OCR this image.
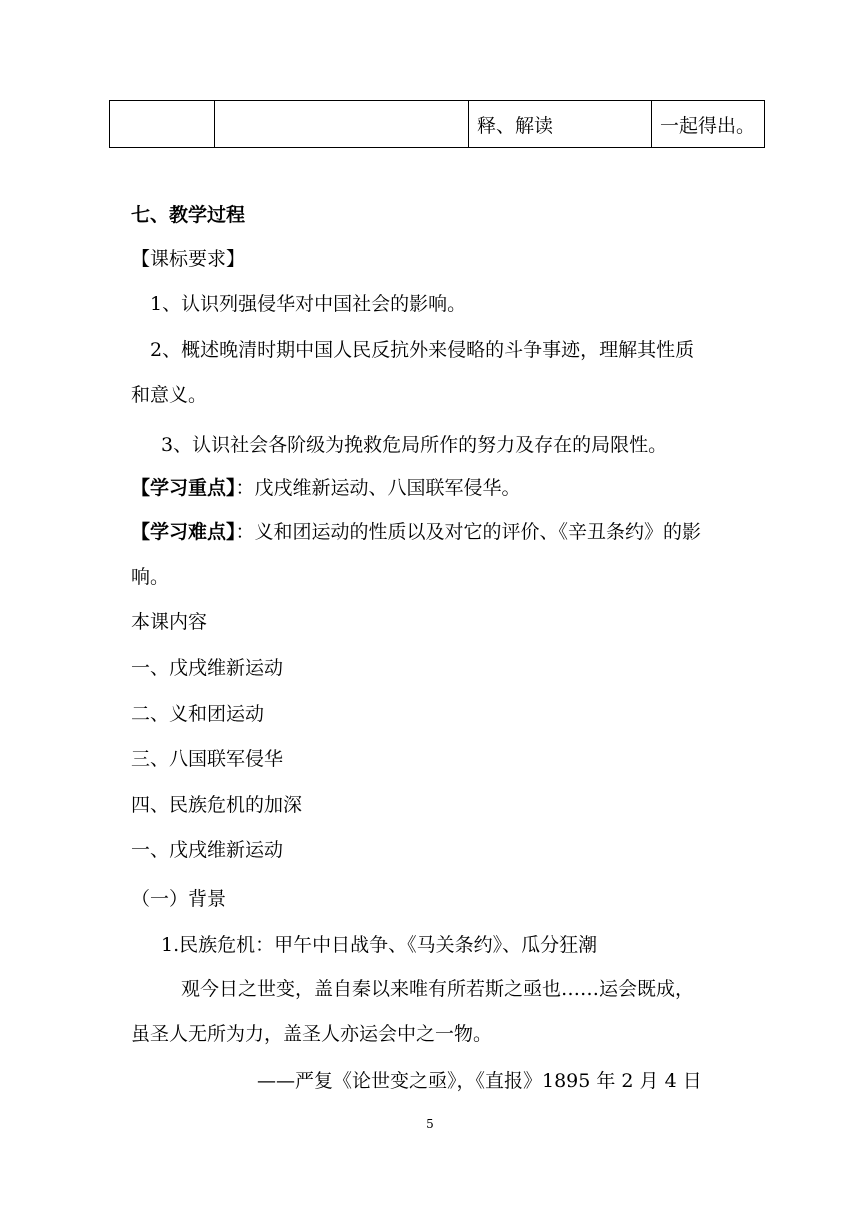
		释、解读	一起得出。
七、教学过程
【课标要求】
1、认识列强侵华对中国社会的影响。
2、概述晚清时期中国人民反抗外来侵略的斗争事迹，理解其性质
和意义。
3、认识社会各阶级为挽救危局所作的努力及存在的局限性。
【学习重点】：戊戌维新运动、八国联军侵华。
【学习难点】：义和团运动的性质以及对它的评价、《辛丑条约》的影
响。
本课内容
一、戊戌维新运动
二、义和团运动
三、八国联军侵华
四、民族危机的加深
一、戊戌维新运动
（一）背景
1.民族危机：甲午中日战争、《马关条约》、瓜分狂潮
观今日之世变，盖自秦以来唯有所若斯之亟也……运会既成，
虽圣人无所为力，盖圣人亦运会中之一物。
——严复《论世变之亟》，《直报》1895 年 2 月 4 日
5
